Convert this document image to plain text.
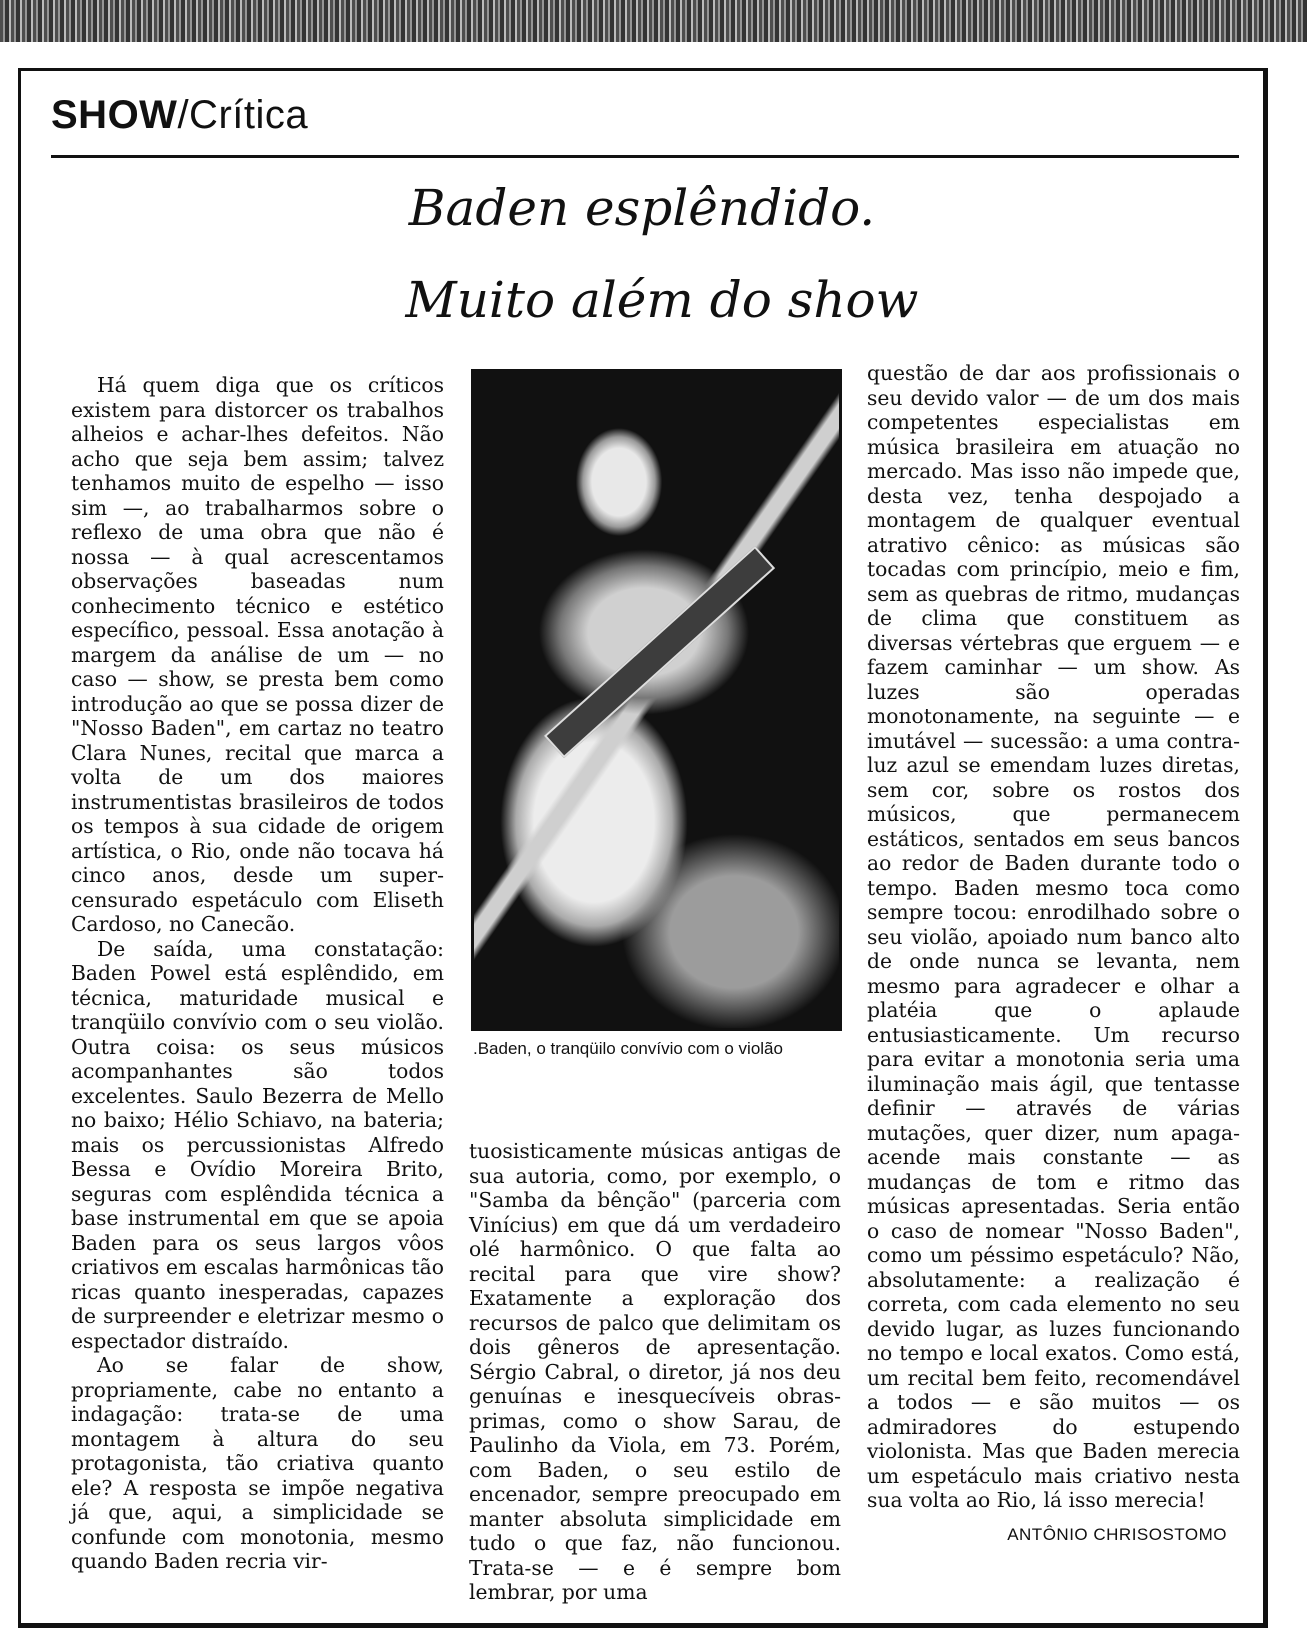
SHOW/Crítica
Baden esplêndido.
Muito além do show

Há quem diga que os críticos existem para distorcer os trabalhos alheios e achar-lhes defeitos. Não acho que seja bem assim; talvez tenhamos muito de espelho — isso sim —, ao trabalharmos sobre o reflexo de uma obra que não é nossa — à qual acrescentamos observações baseadas num conhecimento técnico e estético específico, pessoal. Essa anotação à margem da análise de um — no caso — show, se presta bem como introdução ao que se possa dizer de "Nosso Baden", em cartaz no teatro Clara Nunes, recital que marca a volta de um dos maiores instrumentistas brasileiros de todos os tempos à sua cidade de origem artística, o Rio, onde não tocava há cinco anos, desde um super-censurado espetáculo com Eliseth Cardoso, no Canecão.

De saída, uma constatação: Baden Powel está esplêndido, em técnica, maturidade musical e tranqüilo convívio com o seu violão. Outra coisa: os seus músicos acompanhantes são todos excelentes. Saulo Bezerra de Mello no baixo; Hélio Schiavo, na bateria; mais os percussionistas Alfredo Bessa e Ovídio Moreira Brito, seguras com esplêndida técnica a base instrumental em que se apoia Baden para os seus largos vôos criativos em escalas harmônicas tão ricas quanto inesperadas, capazes de surpreender e eletrizar mesmo o espectador distraído.

Ao se falar de show, propriamente, cabe no entanto a indagação: trata-se de uma montagem à altura do seu protagonista, tão criativa quanto ele? A resposta se impõe negativa já que, aqui, a simplicidade se confunde com monotonia, mesmo quando Baden recria vir-

.Baden, o tranqüilo convívio com o violão

tuosisticamente músicas antigas de sua autoria, como, por exemplo, o "Samba da bênção" (parceria com Vinícius) em que dá um verdadeiro olé harmônico. O que falta ao recital para que vire show? Exatamente a exploração dos recursos de palco que delimitam os dois gêneros de apresentação. Sérgio Cabral, o diretor, já nos deu genuínas e inesquecíveis obras-primas, como o show Sarau, de Paulinho da Viola, em 73. Porém, com Baden, o seu estilo de encenador, sempre preocupado em manter absoluta simplicidade em tudo o que faz, não funcionou. Trata-se — e é sempre bom lembrar, por uma

questão de dar aos profissionais o seu devido valor — de um dos mais competentes especialistas em música brasileira em atuação no mercado. Mas isso não impede que, desta vez, tenha despojado a montagem de qualquer eventual atrativo cênico: as músicas são tocadas com princípio, meio e fim, sem as quebras de ritmo, mudanças de clima que constituem as diversas vértebras que erguem — e fazem caminhar — um show. As luzes são operadas monotonamente, na seguinte — e imutável — sucessão: a uma contra-luz azul se emendam luzes diretas, sem cor, sobre os rostos dos músicos, que permanecem estáticos, sentados em seus bancos ao redor de Baden durante todo o tempo. Baden mesmo toca como sempre tocou: enrodilhado sobre o seu violão, apoiado num banco alto de onde nunca se levanta, nem mesmo para agradecer e olhar a platéia que o aplaude entusiasticamente. Um recurso para evitar a monotonia seria uma iluminação mais ágil, que tentasse definir — através de várias mutações, quer dizer, num apaga-acende mais constante — as mudanças de tom e ritmo das músicas apresentadas. Seria então o caso de nomear "Nosso Baden", como um péssimo espetáculo? Não, absolutamente: a realização é correta, com cada elemento no seu devido lugar, as luzes funcionando no tempo e local exatos. Como está, um recital bem feito, recomendável a todos — e são muitos — os admiradores do estupendo violonista. Mas que Baden merecia um espetáculo mais criativo nesta sua volta ao Rio, lá isso merecia!

ANTÔNIO CHRISOSTOMO
